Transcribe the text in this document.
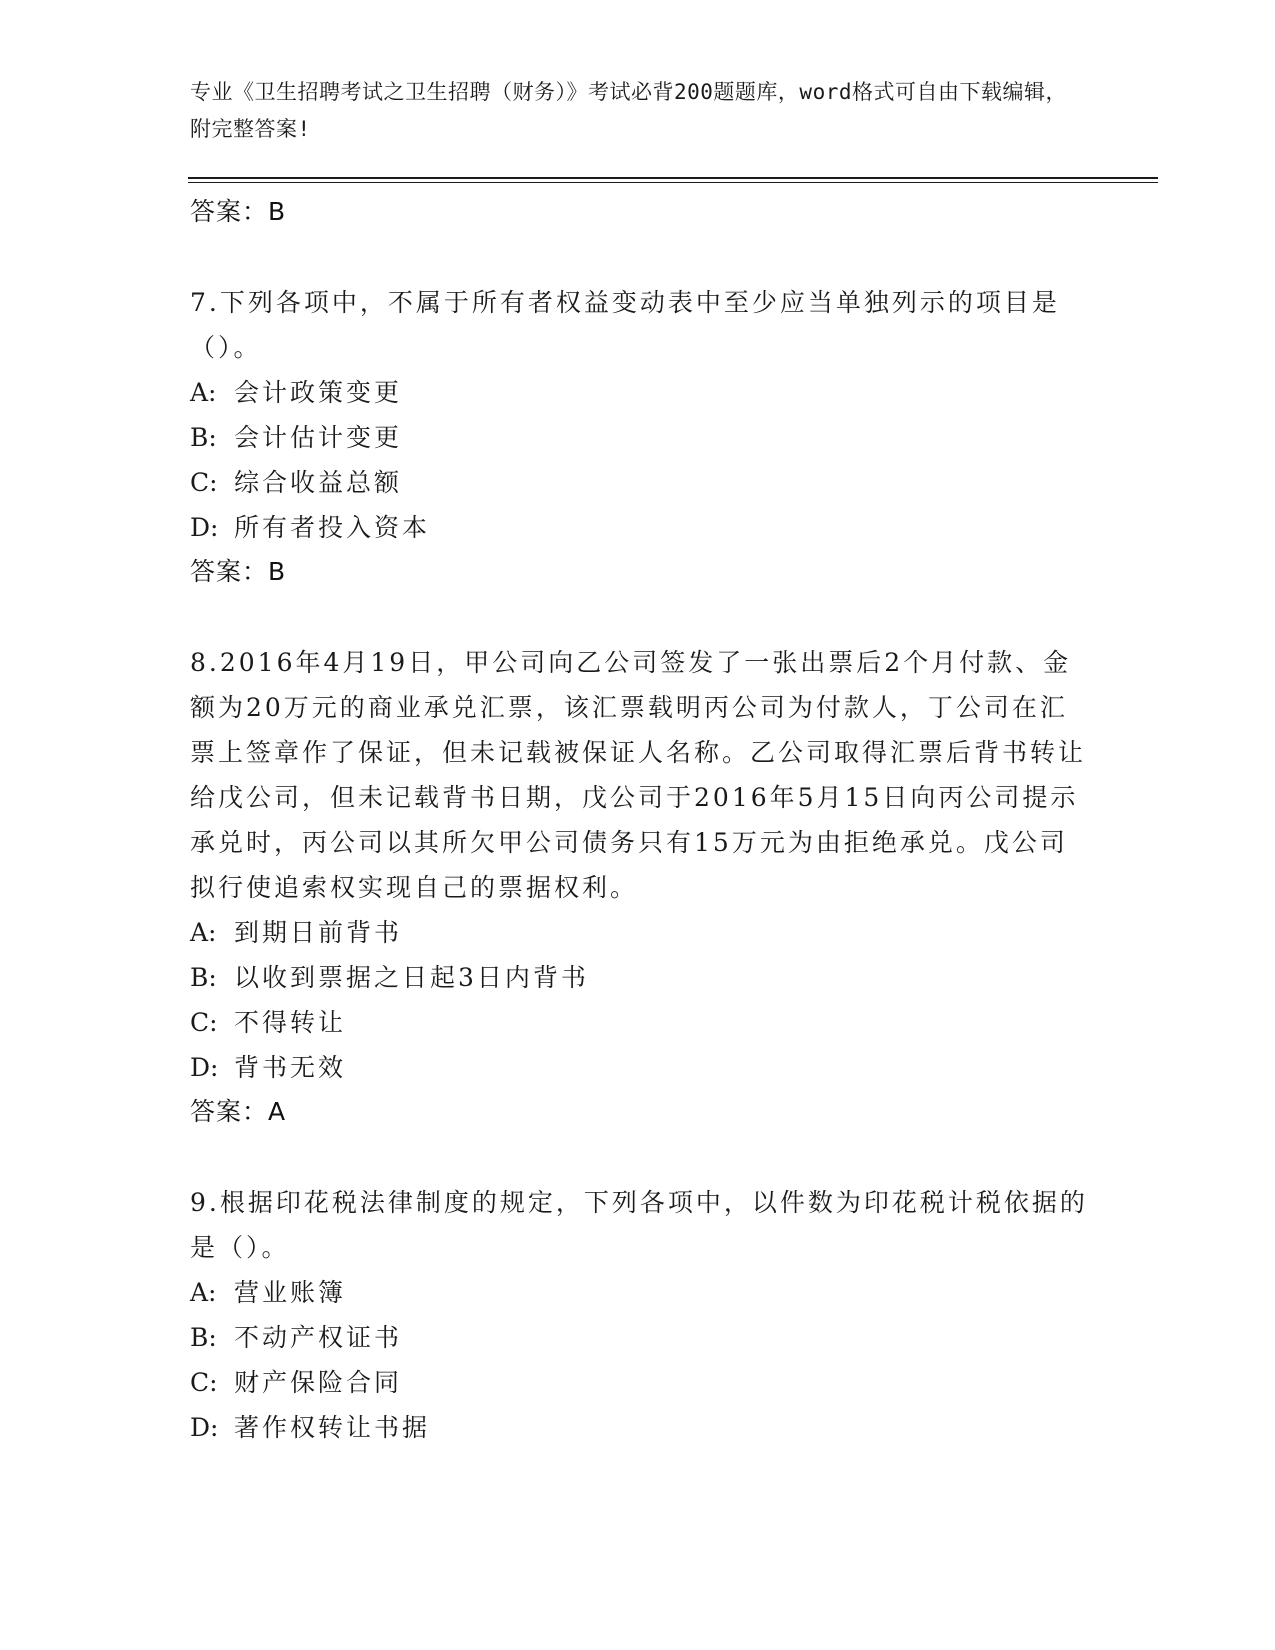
专业《卫生招聘考试之卫生招聘（财务）》考试必背200题题库，word格式可自由下载编辑，附完整答案!
答案：B
7.下列各项中，不属于所有者权益变动表中至少应当单独列示的项目是（）。
A: 会计政策变更
B: 会计估计变更
C: 综合收益总额
D: 所有者投入资本
答案：B
8.2016年4月19日，甲公司向乙公司签发了一张出票后2个月付款、金额为20万元的商业承兑汇票，该汇票载明丙公司为付款人，丁公司在汇票上签章作了保证，但未记载被保证人名称。乙公司取得汇票后背书转让给戊公司，但未记载背书日期，戊公司于2016年5月15日向丙公司提示承兑时，丙公司以其所欠甲公司债务只有15万元为由拒绝承兑。戊公司拟行使追索权实现自己的票据权利。
A: 到期日前背书
B: 以收到票据之日起3日内背书
C: 不得转让
D: 背书无效
答案：A
9.根据印花税法律制度的规定，下列各项中，以件数为印花税计税依据的是（）。
A: 营业账簿
B: 不动产权证书
C: 财产保险合同
D: 著作权转让书据
